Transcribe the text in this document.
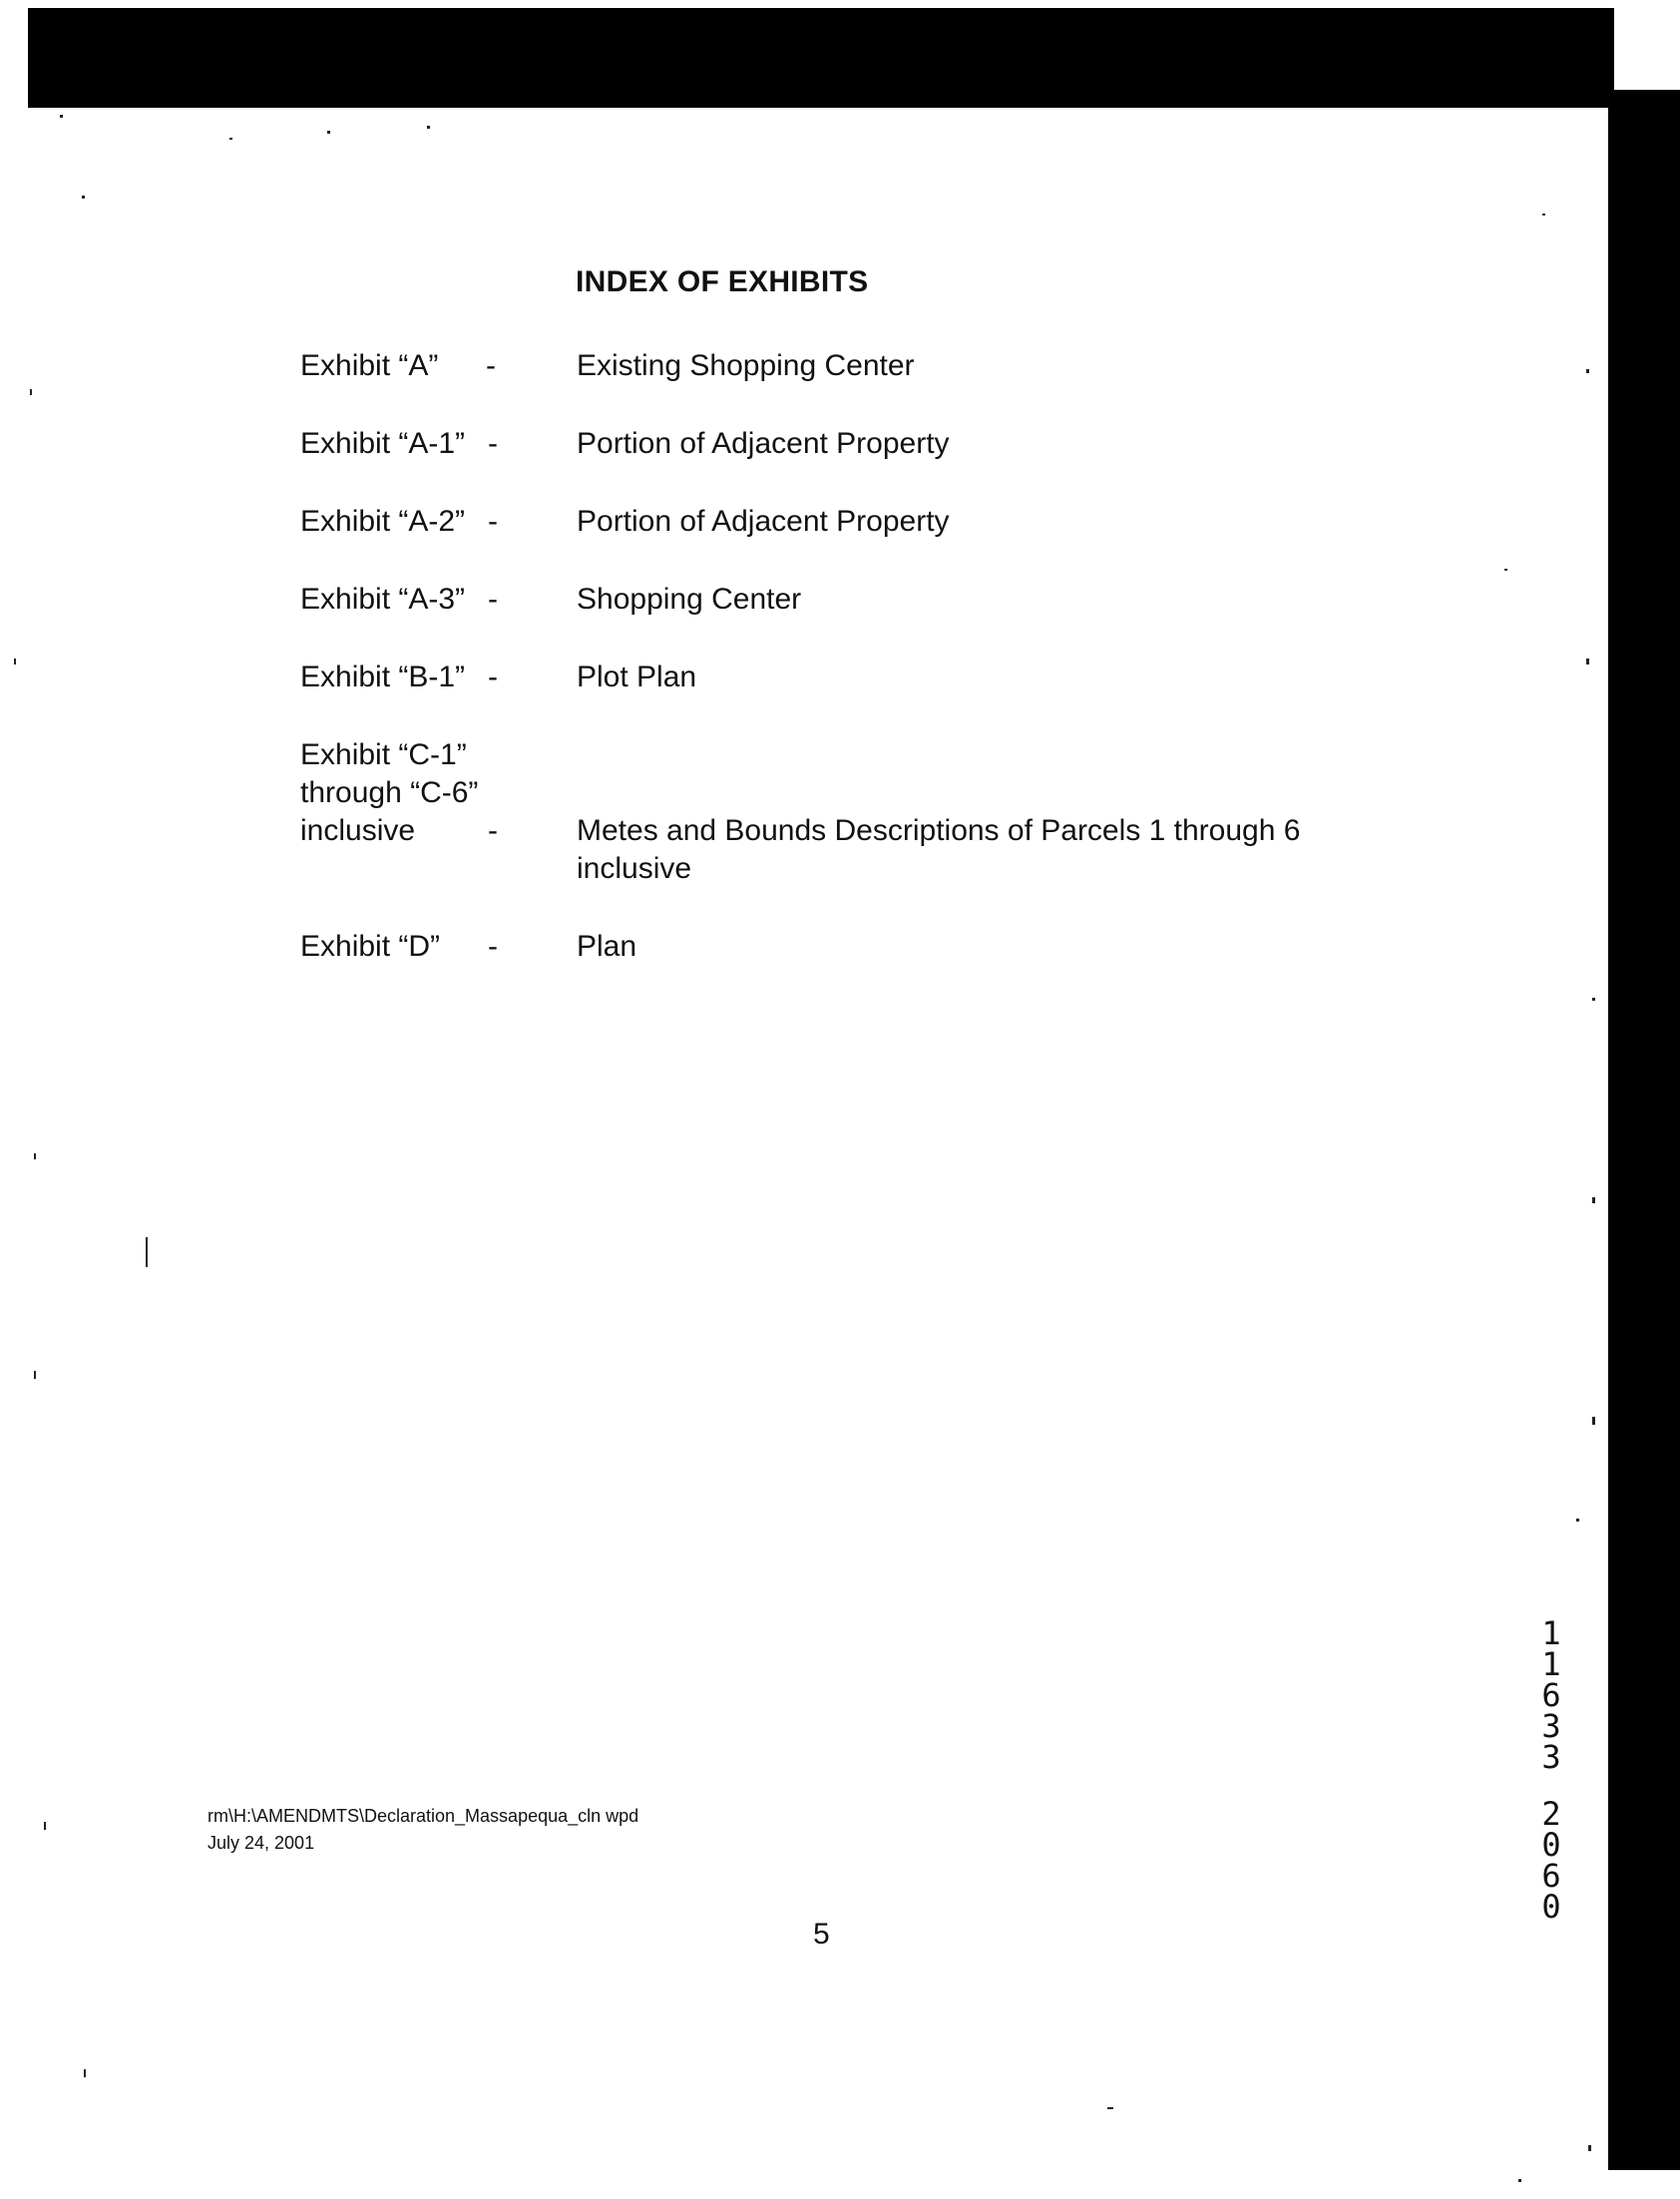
INDEX OF EXHIBITS
Exhibit “A” -	Existing Shopping Center
Exhibit “A-1” -	Portion of Adjacent Property
Exhibit “A-2” -	Portion of Adjacent Property
Exhibit “A-3” -	Shopping Center
Exhibit “B-1” -	Plot Plan
Exhibit “C-1”
through “C-6”
inclusive	-	Metes and Bounds Descriptions of Parcels 1 through 6 inclusive
Exhibit “D” -	Plan
rm\H:\AMENDMTS\Declaration_Massapequa_cln wpd
July 24, 2001
5
1
1
6
3
3
2
0
6
0
